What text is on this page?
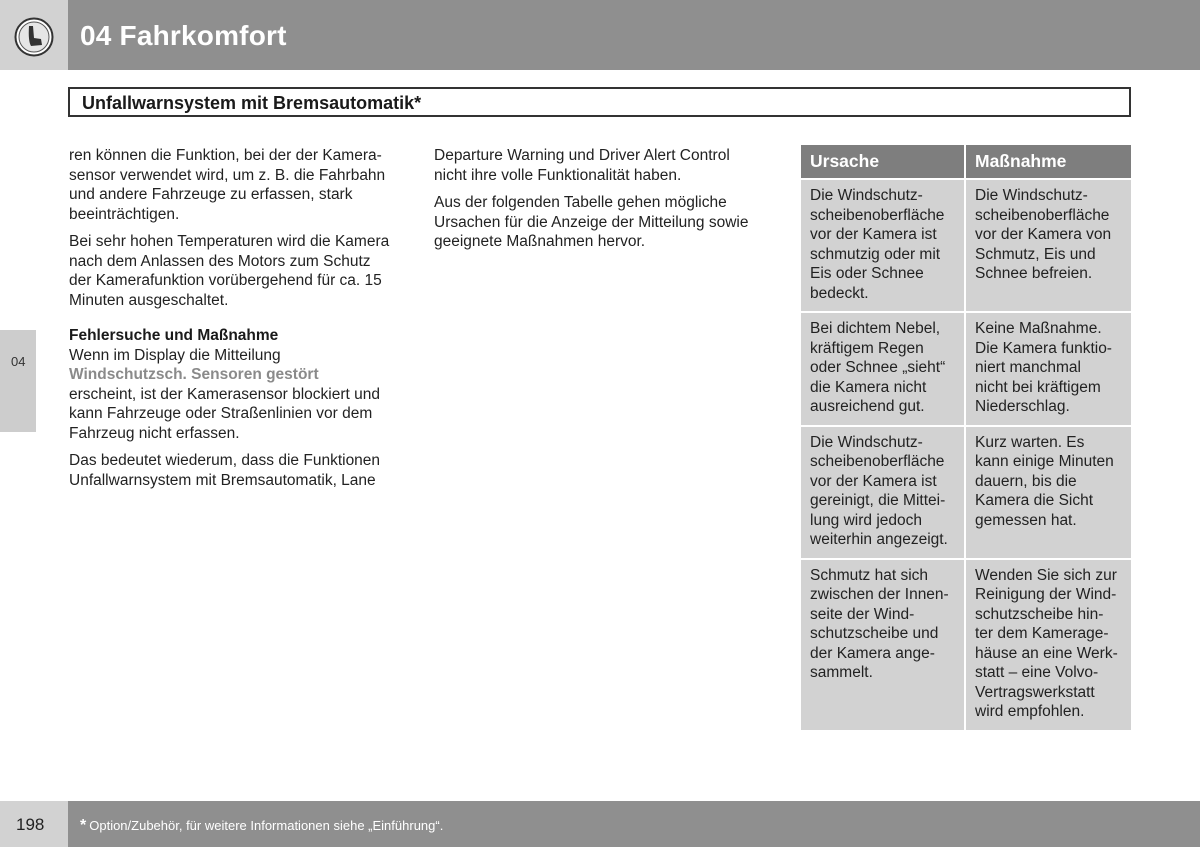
04 Fahrkomfort
Unfallwarnsystem mit Bremsautomatik*
04

ren können die Funktion, bei der der Kamera-
sensor verwendet wird, um z. B. die Fahrbahn
und andere Fahrzeuge zu erfassen, stark
beeinträchtigen.

Bei sehr hohen Temperaturen wird die Kamera
nach dem Anlassen des Motors zum Schutz
der Kamerafunktion vorübergehend für ca. 15
Minuten ausgeschaltet.

Fehlersuche und Maßnahme

Wenn im Display die Mitteilung
Windschutzsch. Sensoren gestört
erscheint, ist der Kamerasensor blockiert und
kann Fahrzeuge oder Straßenlinien vor dem
Fahrzeug nicht erfassen.

Das bedeutet wiederum, dass die Funktionen
Unfallwarnsystem mit Bremsautomatik, Lane

Departure Warning und Driver Alert Control
nicht ihre volle Funktionalität haben.

Aus der folgenden Tabelle gehen mögliche
Ursachen für die Anzeige der Mitteilung sowie
geeignete Maßnahmen hervor.

Ursache	Maßnahme
Die Windschutz-
scheibenoberfläche
vor der Kamera ist
schmutzig oder mit
Eis oder Schnee
bedeckt.
Die Windschutz-
scheibenoberfläche
vor der Kamera von
Schmutz, Eis und
Schnee befreien.
Bei dichtem Nebel,
kräftigem Regen
oder Schnee „sieht“
die Kamera nicht
ausreichend gut.
Keine Maßnahme.
Die Kamera funktio-
niert manchmal
nicht bei kräftigem
Niederschlag.
Die Windschutz-
scheibenoberfläche
vor der Kamera ist
gereinigt, die Mittei-
lung wird jedoch
weiterhin angezeigt.
Kurz warten. Es
kann einige Minuten
dauern, bis die
Kamera die Sicht
gemessen hat.
Schmutz hat sich
zwischen der Innen-
seite der Wind-
schutzscheibe und
der Kamera ange-
sammelt.
Wenden Sie sich zur
Reinigung der Wind-
schutzscheibe hin-
ter dem Kamerage-
häuse an eine Werk-
statt – eine Volvo-
Vertragswerkstatt
wird empfohlen.
198 * Option/Zubehör, für weitere Informationen siehe „Einführung“.
